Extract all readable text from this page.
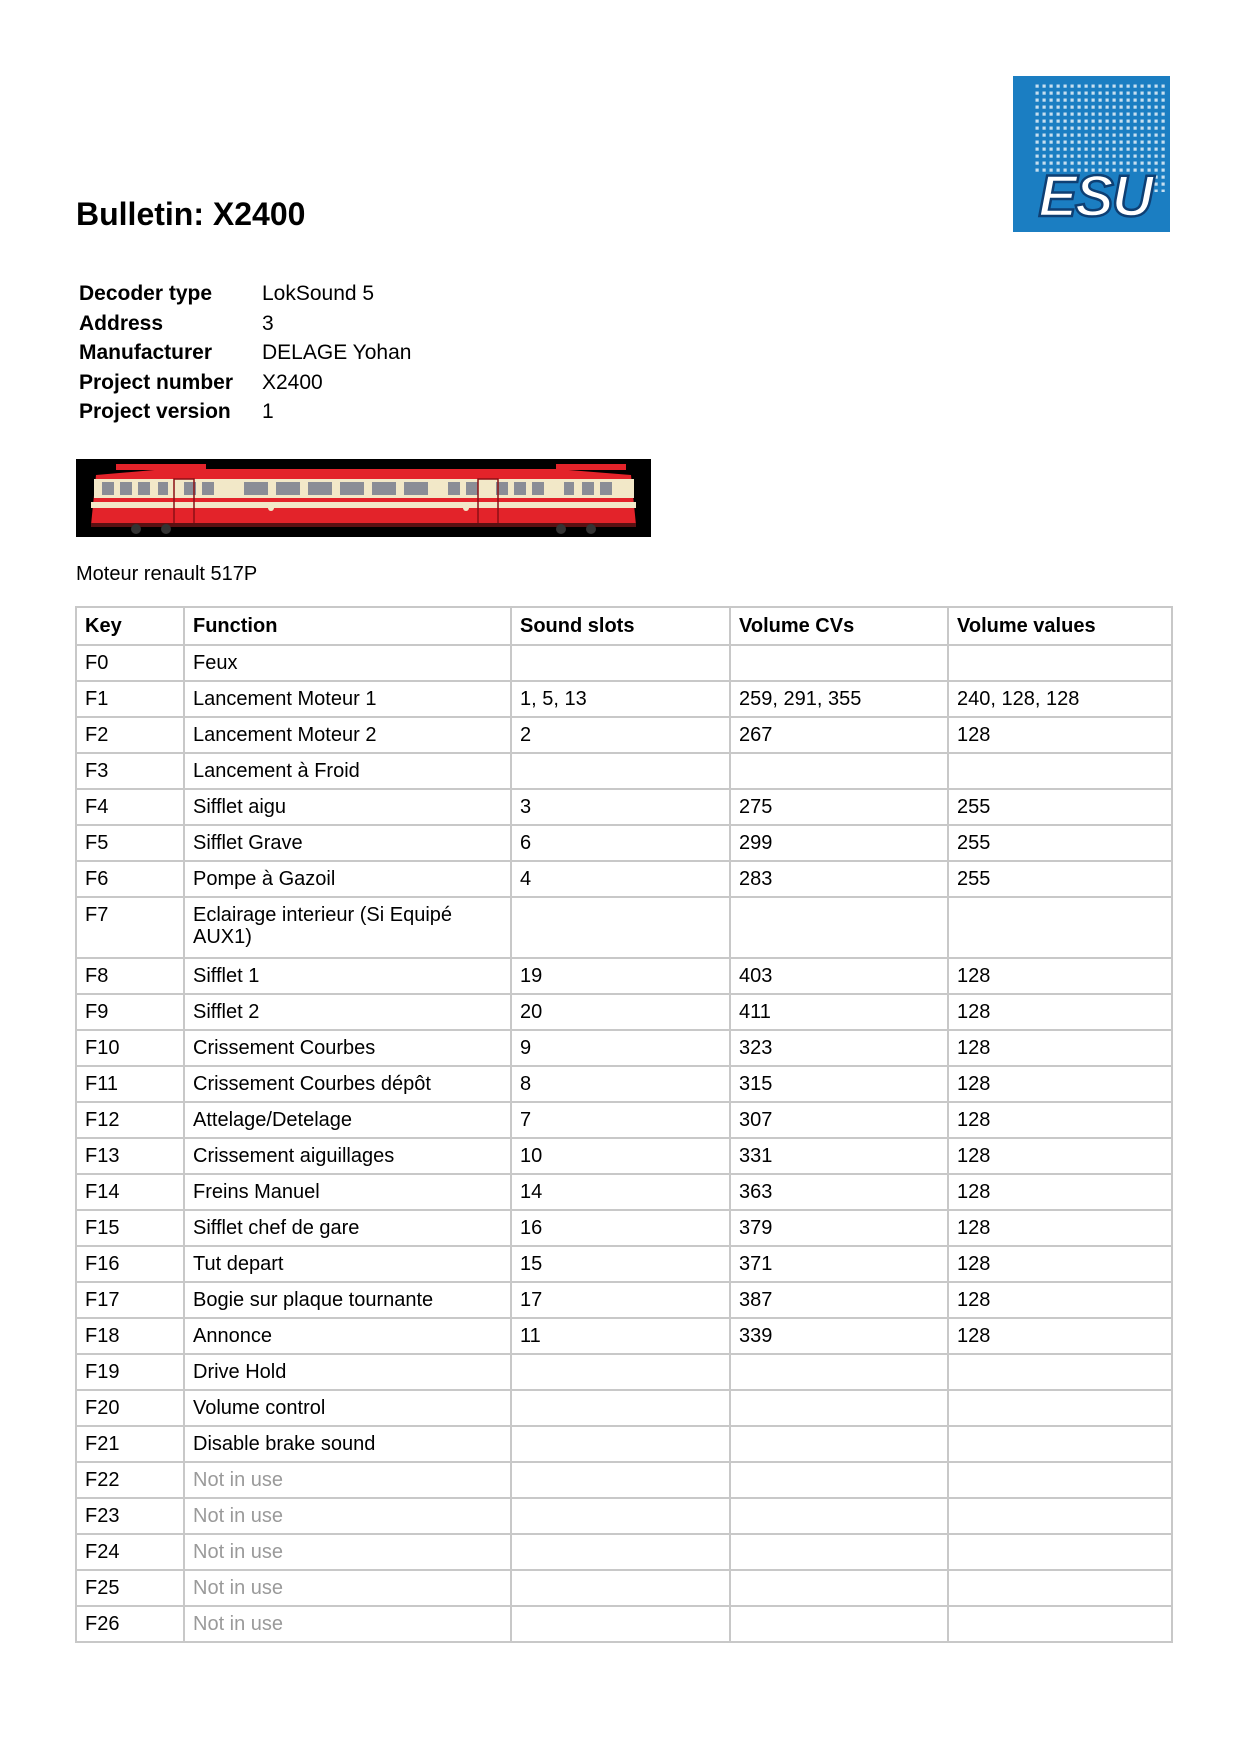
Bulletin: X2400	ESU
Decoder type	LokSound 5
Address	3
Manufacturer	DELAGE Yohan
Project number	X2400
Project version	1
Moteur renault 517P
Key	Function	Sound slots	Volume CVs	Volume values
F0	Feux			
F1	Lancement Moteur 1	1, 5, 13	259, 291, 355	240, 128, 128
F2	Lancement Moteur 2	2	267	128
F3	Lancement à Froid			
F4	Sifflet aigu	3	275	255
F5	Sifflet Grave	6	299	255
F6	Pompe à Gazoil	4	283	255
F7	Eclairage interieur (Si Equipé AUX1)			
F8	Sifflet 1	19	403	128
F9	Sifflet 2	20	411	128
F10	Crissement Courbes	9	323	128
F11	Crissement Courbes dépôt	8	315	128
F12	Attelage/Detelage	7	307	128
F13	Crissement aiguillages	10	331	128
F14	Freins Manuel	14	363	128
F15	Sifflet chef de gare	16	379	128
F16	Tut depart	15	371	128
F17	Bogie sur plaque tournante	17	387	128
F18	Annonce	11	339	128
F19	Drive Hold			
F20	Volume control			
F21	Disable brake sound			
F22	Not in use			
F23	Not in use			
F24	Not in use			
F25	Not in use			
F26	Not in use			
